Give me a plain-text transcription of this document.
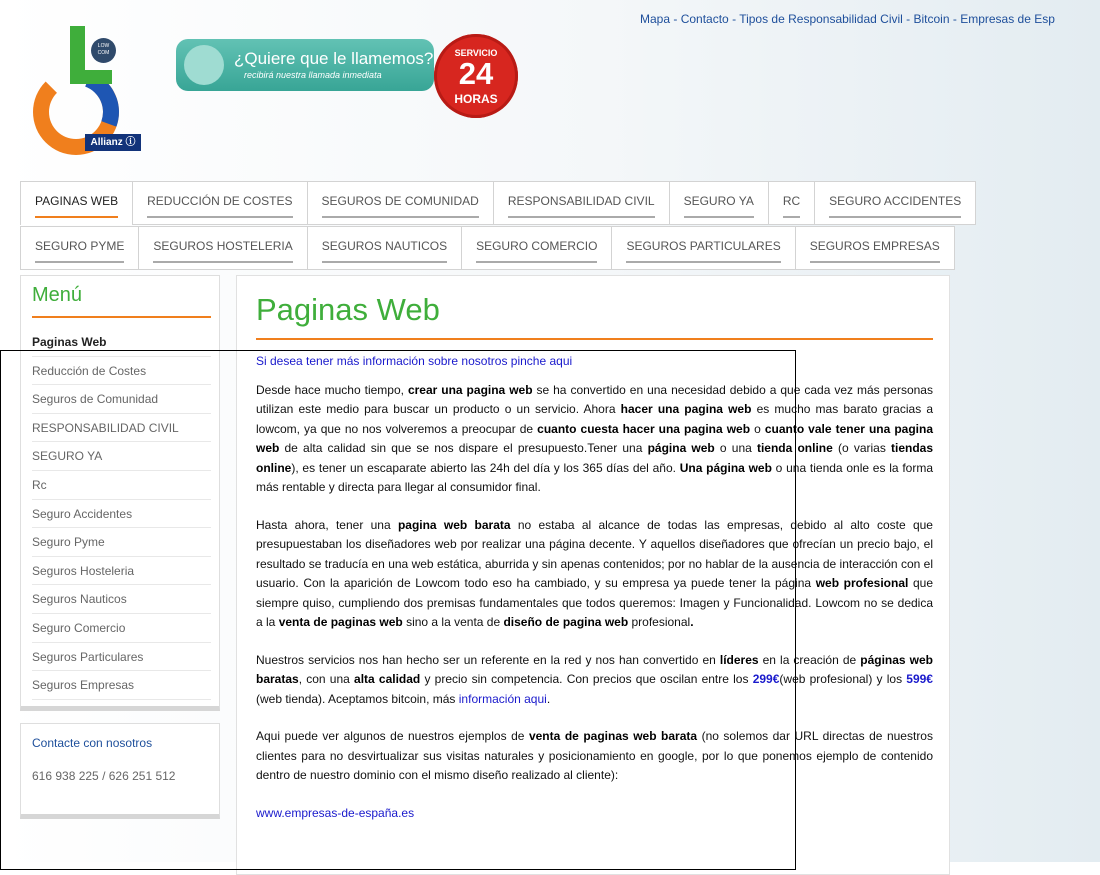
Mapa - Contacto - Tipos de Responsabilidad Civil - Bitcoin - Empresas de Esp
LOW
COM
Allianz ⓘ
¿Quiere que le llamemos?
recibirá nuestra llamada inmediata
SERVICIO
24
HORAS
PAGINAS WEB REDUCCIÓN DE COSTES SEGUROS DE COMUNIDAD RESPONSABILIDAD CIVIL SEGURO YA RC SEGURO ACCIDENTES
SEGURO PYME SEGUROS HOSTELERIA SEGUROS NAUTICOS SEGURO COMERCIO SEGUROS PARTICULARES SEGUROS EMPRESAS
Menú
Paginas Web
Reducción de Costes
Seguros de Comunidad
RESPONSABILIDAD CIVIL
SEGURO YA
Rc
Seguro Accidentes
Seguro Pyme
Seguros Hosteleria
Seguros Nauticos
Seguro Comercio
Seguros Particulares
Seguros Empresas
Contacte con nosotros
616 938 225 / 626 251 512
Paginas Web

Si desea tener más información sobre nosotros pinche aqui

Desde hace mucho tiempo, crear una pagina web se ha convertido en una necesidad debido a que cada vez más personas utilizan este medio para buscar un producto o un servicio. Ahora hacer una pagina web es mucho mas barato gracias a lowcom, ya que no nos volveremos a preocupar de cuanto cuesta hacer una pagina web o cuanto vale tener una pagina web de alta calidad sin que se nos dispare el presupuesto.Tener una página web o una tienda online (o varias tiendas online), es tener un escaparate abierto las 24h del día y los 365 días del año. Una página web o una tienda onle es la forma más rentable y directa para llegar al consumidor final.

Hasta ahora, tener una pagina web barata no estaba al alcance de todas las empresas, debido al alto coste que presupuestaban los diseñadores web por realizar una página decente. Y aquellos diseñadores que ofrecían un precio bajo, el resultado se traducía en una web estática, aburrida y sin apenas contenidos; por no hablar de la ausencia de interacción con el usuario. Con la aparición de Lowcom todo eso ha cambiado, y su empresa ya puede tener la página web profesional que siempre quiso, cumpliendo dos premisas fundamentales que todos queremos: Imagen y Funcionalidad. Lowcom no se dedica a la venta de paginas web sino a la venta de diseño de pagina web profesional.

Nuestros servicios nos han hecho ser un referente en la red y nos han convertido en líderes en la creación de páginas web baratas, con una alta calidad y precio sin competencia. Con precios que oscilan entre los 299€(web profesional) y los 599€ (web tienda). Aceptamos bitcoin, más información aqui.

Aqui puede ver algunos de nuestros ejemplos de venta de paginas web barata (no solemos dar URL directas de nuestros clientes para no desvirtualizar sus visitas naturales y posicionamiento en google, por lo que ponemos ejemplo de contenido dentro de nuestro dominio con el mismo diseño realizado al cliente):

www.empresas-de-españa.es
